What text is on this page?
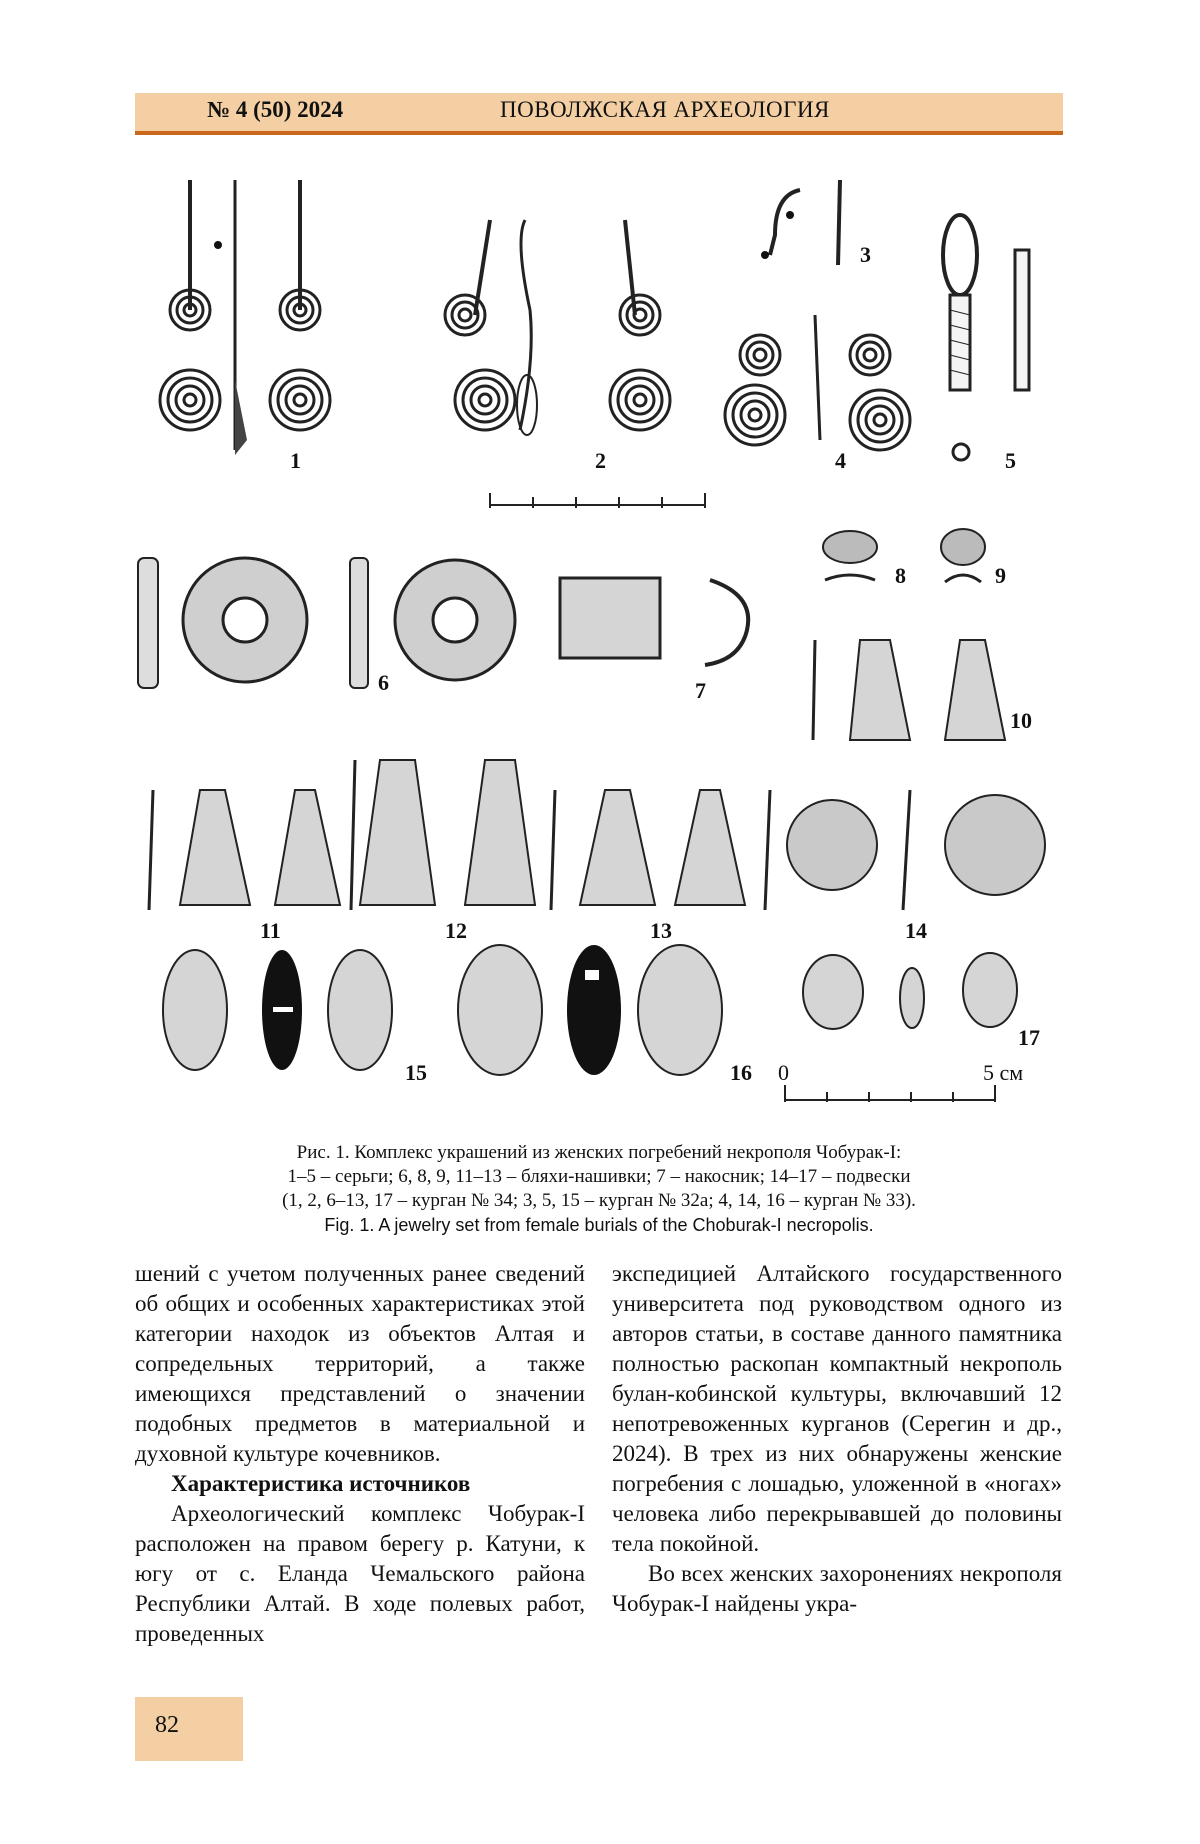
№ 4 (50) 2024	ПОВОЛЖСКАЯ АРХЕОЛОГИЯ
1	2
3
4	5
6	7
8	9
10
11	12	13	14
15	16
17
0	5 см

Рис. 1. Комплекс украшений из женских погребений некрополя Чобурак-I:

1–5 – серьги; 6, 8, 9, 11–13 – бляхи-нашивки; 7 – накосник; 14–17 – подвески

(1, 2, 6–13, 17 – курган № 34; 3, 5, 15 – курган № 32а; 4, 14, 16 – курган № 33).

Fig. 1. A jewelry set from female burials of the Choburak-I necropolis.

шений с учетом полученных ранее сведений об общих и особенных характеристиках этой категории находок из объектов Алтая и сопредельных территорий, а также имеющихся представлений о значении подобных предметов в материальной и духовной культуре кочевников.

Характеристика источников

Археологический комплекс Чобурак-I расположен на правом берегу р. Катуни, к югу от с. Еланда Чемальского района Республики Алтай. В ходе полевых работ, проведенных

экспедицией Алтайского государственного университета под руководством одного из авторов статьи, в составе данного памятника полностью раскопан компактный некрополь булан-кобинской культуры, включавший 12 непотревоженных курганов (Серегин и др., 2024). В трех из них обнаружены женские погребения с лошадью, уложенной в «ногах» человека либо перекрывавшей до половины тела покойной.

Во всех женских захоронениях некрополя Чобурак-I найдены укра-

82
